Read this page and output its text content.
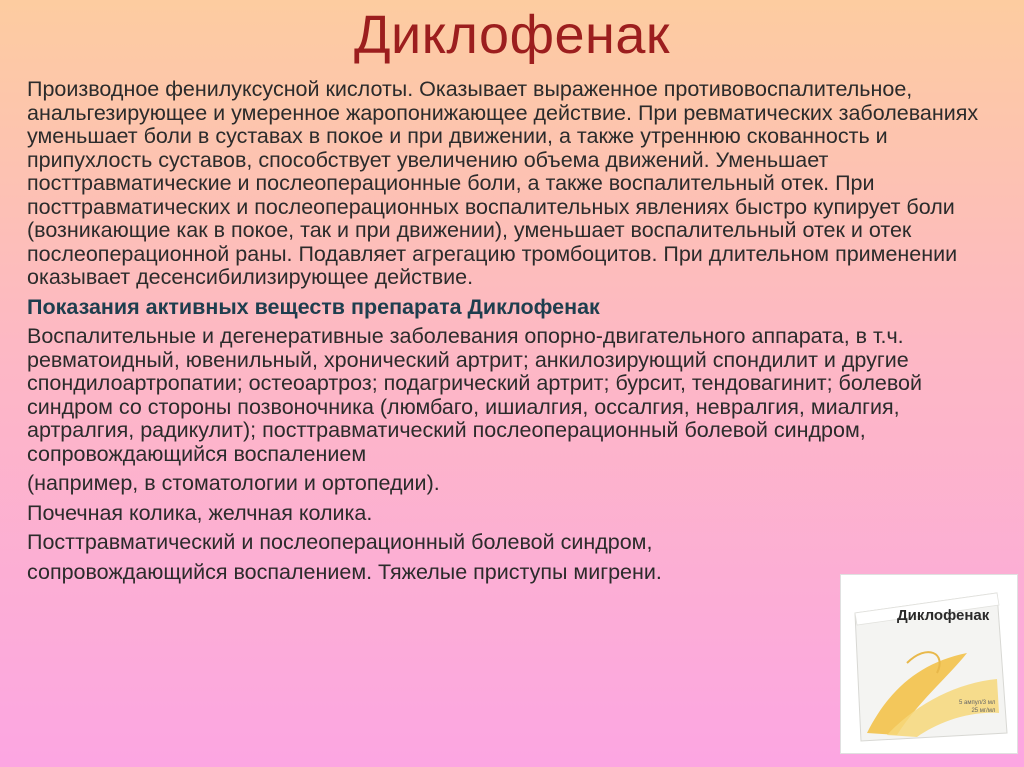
Диклофенак

Производное фенилуксусной кислоты. Оказывает выраженное противовоспалительное, анальгезирующее и умеренное жаропонижающее действие. При ревматических заболеваниях уменьшает боли в суставах в покое и при движении, а также утреннюю скованность и припухлость суставов, способствует увеличению объема движений. Уменьшает посттравматические и послеоперационные боли, а также воспалительный отек. При посттравматических и послеоперационных воспалительных явлениях быстро купирует боли (возникающие как в покое, так и при движении), уменьшает воспалительный отек и отек послеоперационной раны. Подавляет агрегацию тромбоцитов. При длительном применении оказывает десенсибилизирующее действие.

Показания активных веществ препарата Диклофенак

Воспалительные и дегенеративные заболевания опорно-двигательного аппарата, в т.ч. ревматоидный, ювенильный, хронический артрит; анкилозирующий спондилит и другие спондилоартропатии; остеоартроз; подагрический артрит; бурсит, тендовагинит; болевой синдром со стороны позвоночника (люмбаго, ишиалгия, оссалгия, невралгия, миалгия, артралгия, радикулит); посттравматический послеоперационный болевой синдром, сопровождающийся воспалением

(например, в стоматологии и ортопедии).

Почечная колика, желчная колика.

Посттравматический и послеоперационный болевой синдром,

сопровождающийся воспалением. Тяжелые приступы мигрени.

Диклофенак
5 ампул/3 мл
25 мг/мл
